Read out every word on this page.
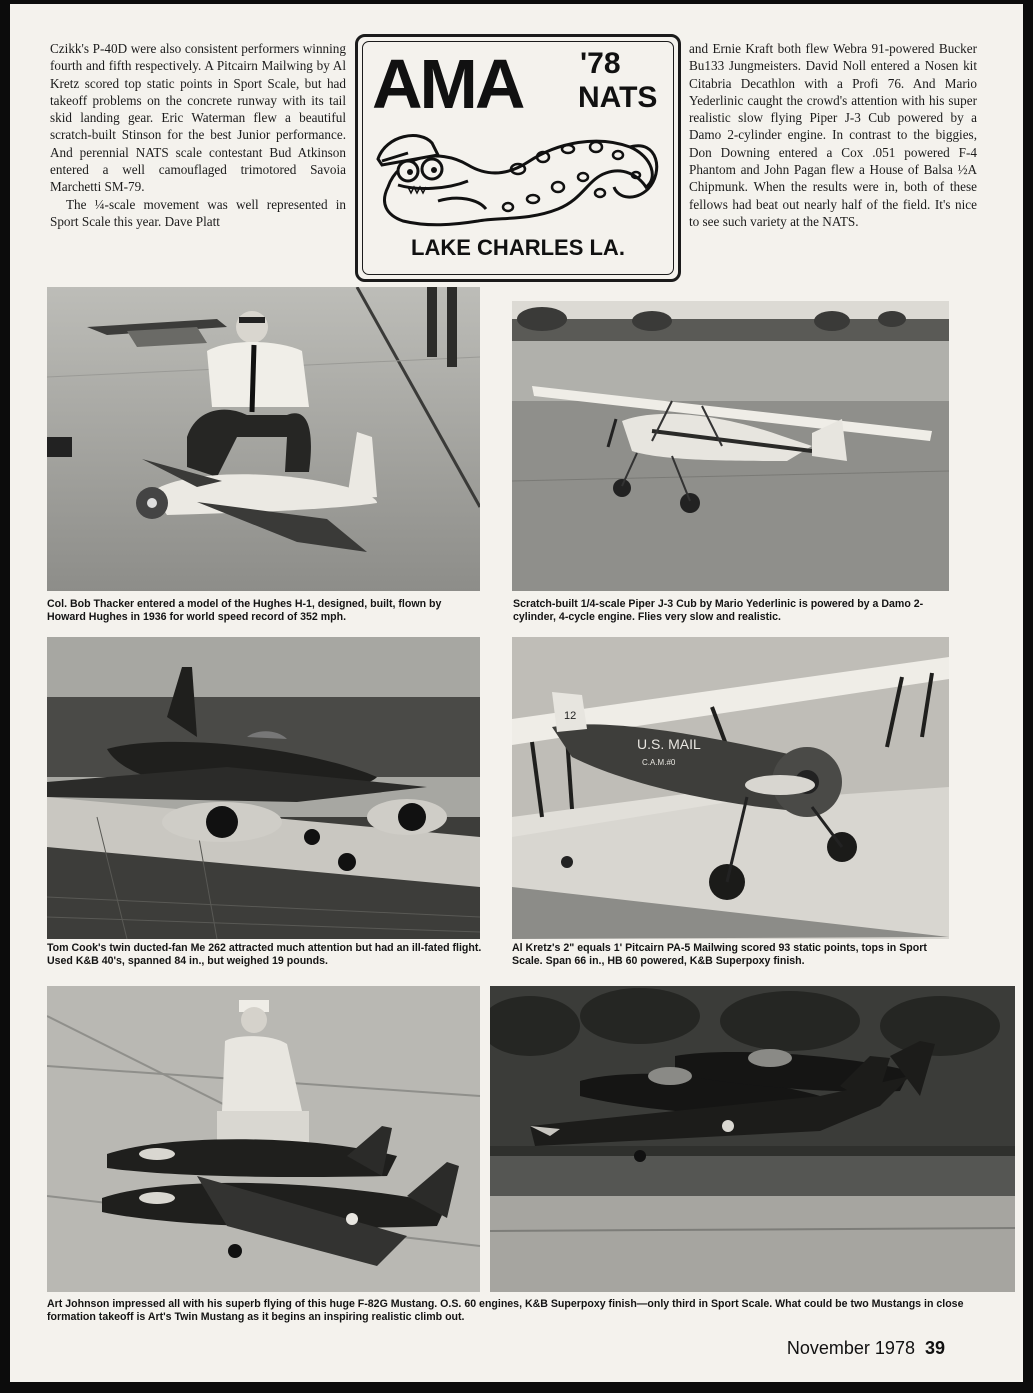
Czikk's P-40D were also consistent performers winning fourth and fifth respectively. A Pitcairn Mailwing by Al Kretz scored top static points in Sport Scale, but had takeoff problems on the concrete runway with its tail skid landing gear. Eric Waterman flew a beautiful scratch-built Stinson for the best Junior performance. And perennial NATS scale contestant Bud Atkinson entered a well camouflaged trimotored Savoia Marchetti SM-79.

The ¼-scale movement was well represented in Sport Scale this year. Dave Platt

AMA '78
NATS
LAKE CHARLES LA.

and Ernie Kraft both flew Webra 91-powered Bucker Bu133 Jungmeisters. David Noll entered a Nosen kit Citabria Decathlon with a Profi 76. And Mario Yederlinic caught the crowd's attention with his super realistic slow flying Piper J-3 Cub powered by a Damo 2-cylinder engine. In contrast to the biggies, Don Downing entered a Cox .051 powered F-4 Phantom and John Pagan flew a House of Balsa ½A Chipmunk. When the results were in, both of these fellows had beat out nearly half of the field. It's nice to see such variety at the NATS.

Col. Bob Thacker entered a model of the Hughes H-1, designed, built, flown by Howard Hughes in 1936 for world speed record of 352 mph.
Scratch-built 1/4-scale Piper J-3 Cub by Mario Yederlinic is powered by a Damo 2-cylinder, 4-cycle engine. Flies very slow and realistic.
Tom Cook's twin ducted-fan Me 262 attracted much attention but had an ill-fated flight. Used K&B 40's, spanned 84 in., but weighed 19 pounds.
U.S. MAIL
C.A.M.#0
12
Al Kretz's 2" equals 1' Pitcairn PA-5 Mailwing scored 93 static points, tops in Sport Scale. Span 66 in., HB 60 powered, K&B Superpoxy finish.
Art Johnson impressed all with his superb flying of this huge F-82G Mustang. O.S. 60 engines, K&B Superpoxy finish—only third in Sport Scale. What could be two Mustangs in close formation takeoff is Art's Twin Mustang as it begins an inspiring realistic climb out.
November 1978 39
